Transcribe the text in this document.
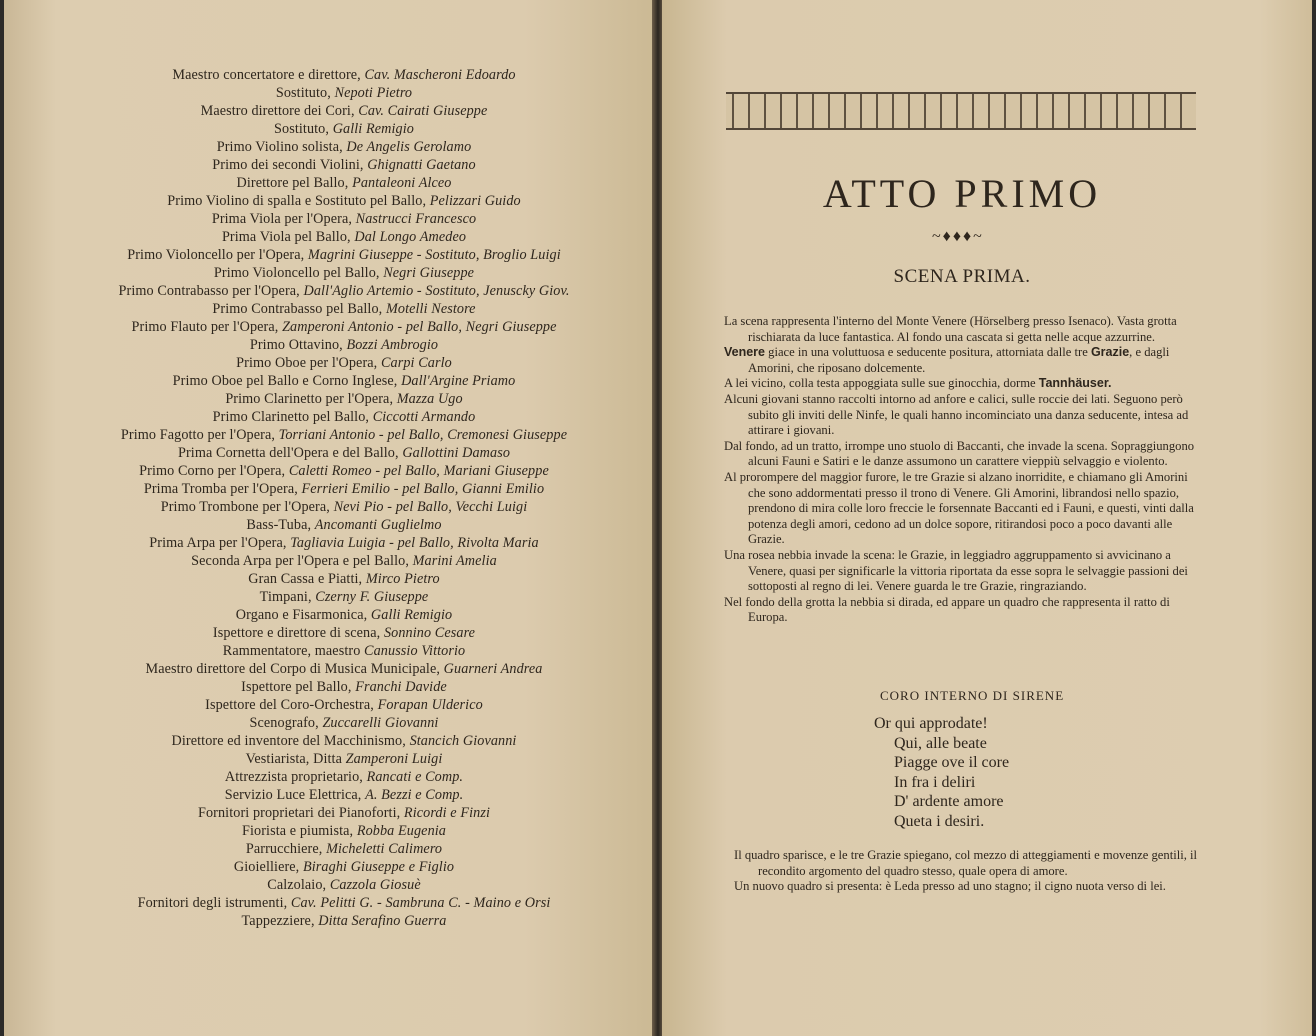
Maestro concertatore e direttore, Cav. Mascheroni Edoardo
Sostituto, Nepoti Pietro
Maestro direttore dei Cori, Cav. Cairati Giuseppe
Sostituto, Galli Remigio
Primo Violino solista, De Angelis Gerolamo
Primo dei secondi Violini, Ghignatti Gaetano
Direttore pel Ballo, Pantaleoni Alceo
Primo Violino di spalla e Sostituto pel Ballo, Pelizzari Guido
Prima Viola per l'Opera, Nastrucci Francesco
Prima Viola pel Ballo, Dal Longo Amedeo
Primo Violoncello per l'Opera, Magrini Giuseppe - Sostituto, Broglio Luigi
Primo Violoncello pel Ballo, Negri Giuseppe
Primo Contrabasso per l'Opera, Dall'Aglio Artemio - Sostituto, Jenuscky Giov.
Primo Contrabasso pel Ballo, Motelli Nestore
Primo Flauto per l'Opera, Zamperoni Antonio - pel Ballo, Negri Giuseppe
Primo Ottavino, Bozzi Ambrogio
Primo Oboe per l'Opera, Carpi Carlo
Primo Oboe pel Ballo e Corno Inglese, Dall'Argine Priamo
Primo Clarinetto per l'Opera, Mazza Ugo
Primo Clarinetto pel Ballo, Ciccotti Armando
Primo Fagotto per l'Opera, Torriani Antonio - pel Ballo, Cremonesi Giuseppe
Prima Cornetta dell'Opera e del Ballo, Gallottini Damaso
Primo Corno per l'Opera, Caletti Romeo - pel Ballo, Mariani Giuseppe
Prima Tromba per l'Opera, Ferrieri Emilio - pel Ballo, Gianni Emilio
Primo Trombone per l'Opera, Nevi Pio - pel Ballo, Vecchi Luigi
Bass-Tuba, Ancomanti Guglielmo
Prima Arpa per l'Opera, Tagliavia Luigia - pel Ballo, Rivolta Maria
Seconda Arpa per l'Opera e pel Ballo, Marini Amelia
Gran Cassa e Piatti, Mirco Pietro
Timpani, Czerny F. Giuseppe
Organo e Fisarmonica, Galli Remigio
Ispettore e direttore di scena, Sonnino Cesare
Rammentatore, maestro Canussio Vittorio
Maestro direttore del Corpo di Musica Municipale, Guarneri Andrea
Ispettore pel Ballo, Franchi Davide
Ispettore del Coro-Orchestra, Forapan Ulderico
Scenografo, Zuccarelli Giovanni
Direttore ed inventore del Macchinismo, Stancich Giovanni
Vestiarista, Ditta Zamperoni Luigi
Attrezzista proprietario, Rancati e Comp.
Servizio Luce Elettrica, A. Bezzi e Comp.
Fornitori proprietari dei Pianoforti, Ricordi e Finzi
Fiorista e piumista, Robba Eugenia
Parrucchiere, Micheletti Calimero
Gioielliere, Biraghi Giuseppe e Figlio
Calzolaio, Cazzola Giosuè
Fornitori degli istrumenti, Cav. Pelitti G. - Sambruna C. - Maino e Orsi
Tappezziere, Ditta Serafino Guerra
ATTO PRIMO
~♦♦♦~
SCENA PRIMA.

La scena rappresenta l'interno del Monte Venere (Hörselberg presso Isenaco). Vasta grotta rischiarata da luce fantastica. Al fondo una cascata si getta nelle acque azzurrine.

Venere giace in una voluttuosa e seducente positura, attorniata dalle tre Grazie, e dagli Amorini, che riposano dolcemente.

A lei vicino, colla testa appoggiata sulle sue ginocchia, dorme Tannhäuser.

Alcuni giovani stanno raccolti intorno ad anfore e calici, sulle roccie dei lati. Seguono però subito gli inviti delle Ninfe, le quali hanno incominciato una danza seducente, intesa ad attirare i giovani.

Dal fondo, ad un tratto, irrompe uno stuolo di Baccanti, che invade la scena. Sopraggiungono alcuni Fauni e Satiri e le danze assumono un carattere vieppiù selvaggio e violento.

Al prorompere del maggior furore, le tre Grazie si alzano inorridite, e chiamano gli Amorini che sono addormentati presso il trono di Venere. Gli Amorini, librandosi nello spazio, prendono di mira colle loro freccie le forsennate Baccanti ed i Fauni, e questi, vinti dalla potenza degli amori, cedono ad un dolce sopore, ritirandosi poco a poco davanti alle Grazie.

Una rosea nebbia invade la scena: le Grazie, in leggiadro aggruppamento si avvicinano a Venere, quasi per significarle la vittoria riportata da esse sopra le selvaggie passioni dei sottoposti al regno di lei. Venere guarda le tre Grazie, ringraziando.

Nel fondo della grotta la nebbia si dirada, ed appare un quadro che rappresenta il ratto di Europa.

CORO INTERNO DI SIRENE
Or qui approdate!
Qui, alle beate
Piagge ove il core
In fra i deliri
D' ardente amore
Queta i desiri.

Il quadro sparisce, e le tre Grazie spiegano, col mezzo di atteggiamenti e movenze gentili, il recondito argomento del quadro stesso, quale opera di amore.

Un nuovo quadro si presenta: è Leda presso ad uno stagno; il cigno nuota verso di lei.
